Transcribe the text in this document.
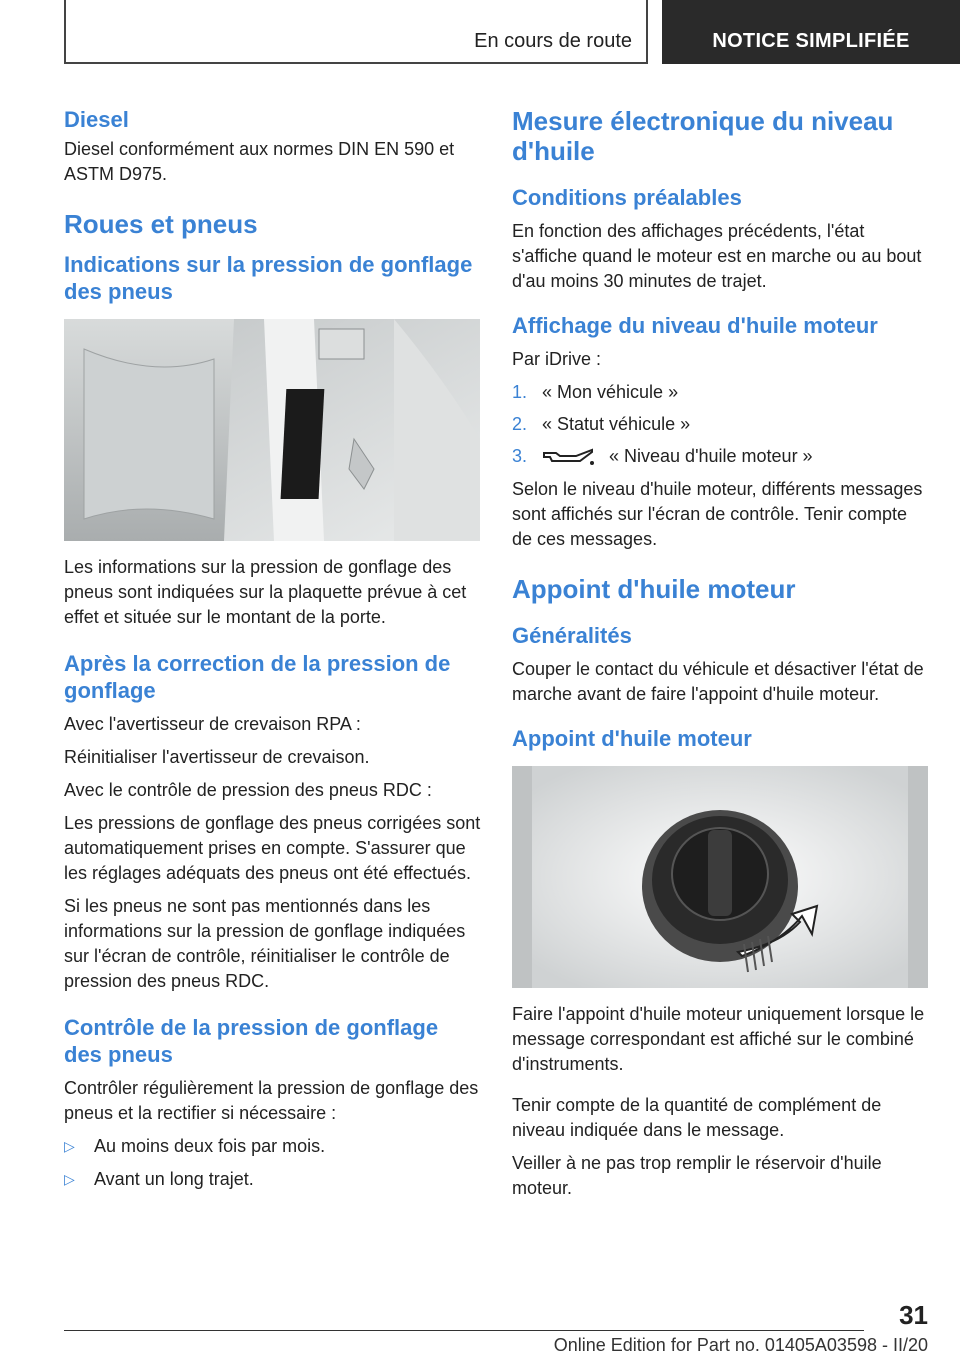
En cours de route	NOTICE SIMPLIFIÉE
Diesel
Diesel conformément aux normes DIN EN 590 et ASTM D975.
Roues et pneus
Indications sur la pression de gonflage des pneus
Les informations sur la pression de gonflage des pneus sont indiquées sur la plaquette prévue à cet effet et située sur le montant de la porte.
Après la correction de la pression de gonflage
Avec l'avertisseur de crevaison RPA :
Réinitialiser l'avertisseur de crevaison.
Avec le contrôle de pression des pneus RDC :
Les pressions de gonflage des pneus corrigées sont automatiquement prises en compte. S'assurer que les réglages adéquats des pneus ont été effectués.
Si les pneus ne sont pas mentionnés dans les informations sur la pression de gonflage indiquées sur l'écran de contrôle, réinitialiser le contrôle de pression des pneus RDC.
Contrôle de la pression de gonflage des pneus
Contrôler régulièrement la pression de gonflage des pneus et la rectifier si nécessaire :
▷	Au moins deux fois par mois.
▷	Avant un long trajet.
Mesure électronique du niveau d'huile
Conditions préalables
En fonction des affichages précédents, l'état s'affiche quand le moteur est en marche ou au bout d'au moins 30 minutes de trajet.
Affichage du niveau d'huile moteur
Par iDrive :
1. « Mon véhicule »
2. « Statut véhicule »
3.	« Niveau d'huile moteur »
Selon le niveau d'huile moteur, différents messages sont affichés sur l'écran de contrôle. Tenir compte de ces messages.
Appoint d'huile moteur
Généralités
Couper le contact du véhicule et désactiver l'état de marche avant de faire l'appoint d'huile moteur.
Appoint d'huile moteur
Faire l'appoint d'huile moteur uniquement lorsque le message correspondant est affiché sur le combiné d'instruments.
Tenir compte de la quantité de complément de niveau indiquée dans le message.
Veiller à ne pas trop remplir le réservoir d'huile moteur.
31
Online Edition for Part no. 01405A03598 - II/20
